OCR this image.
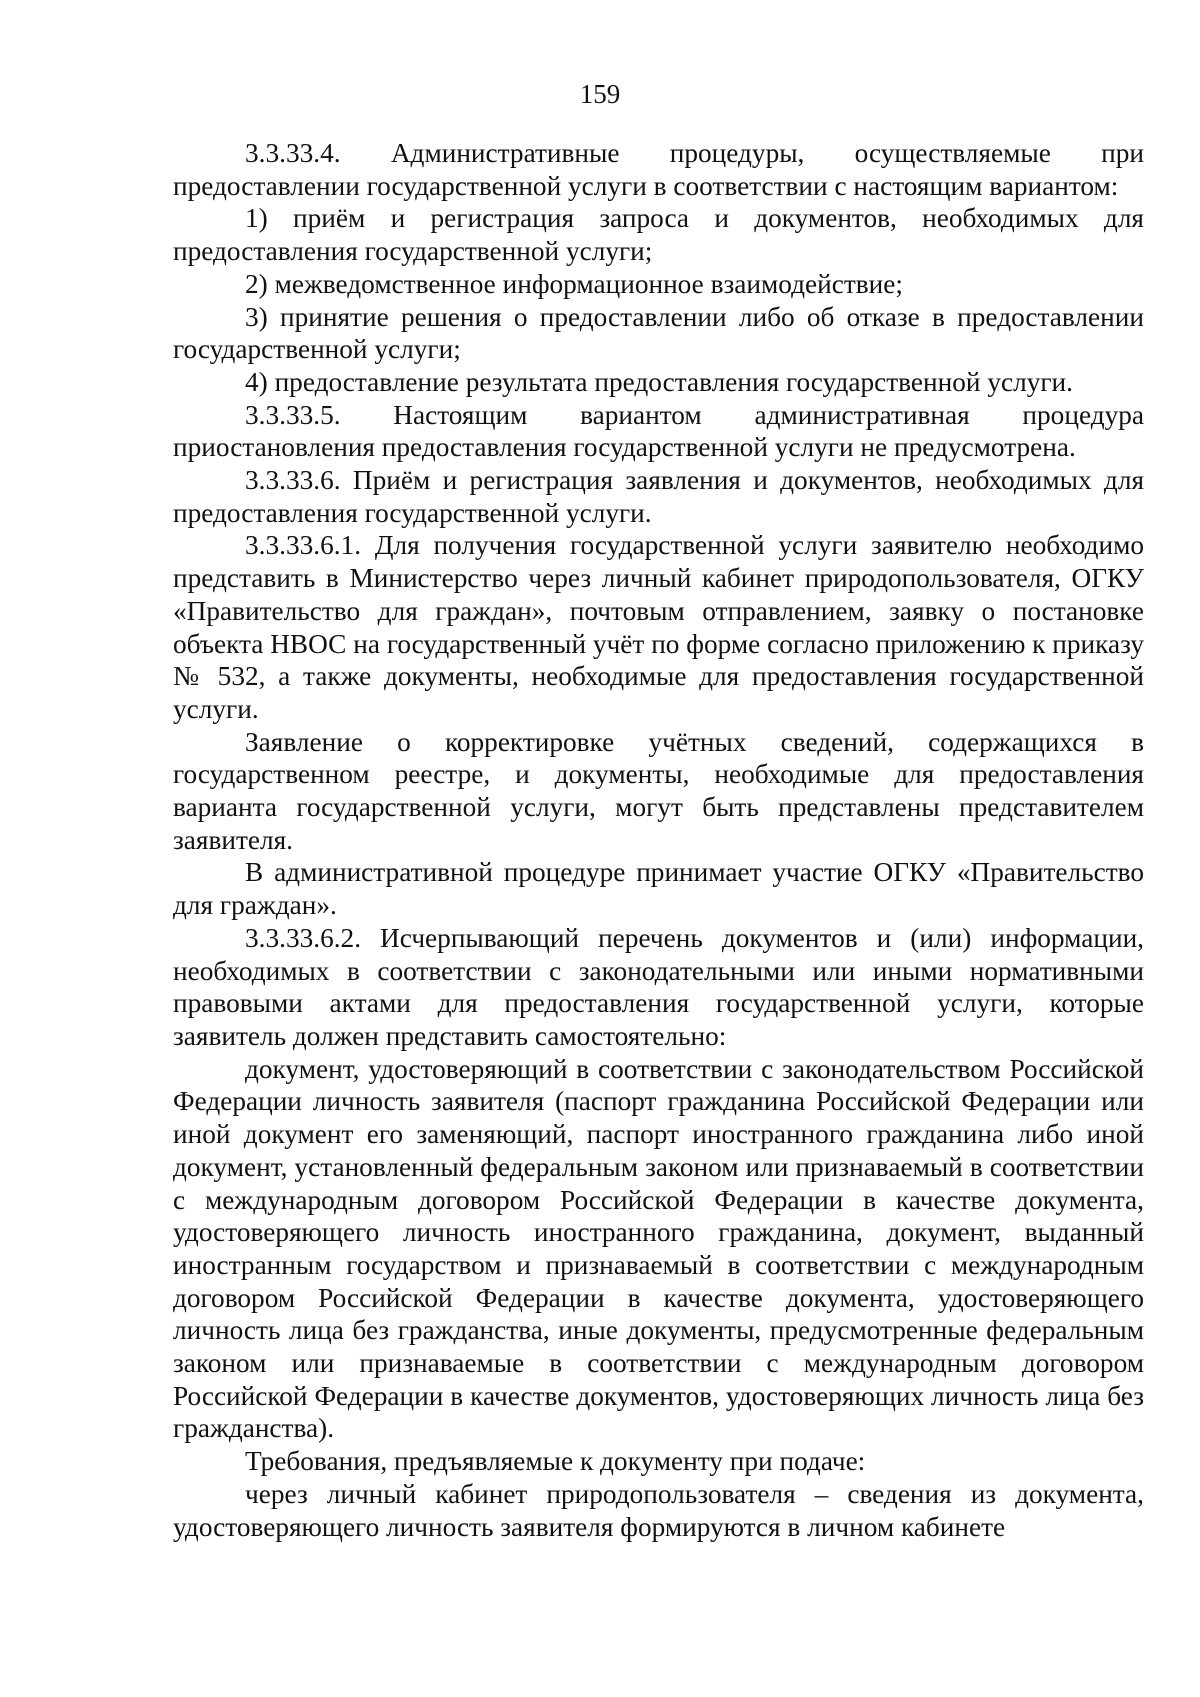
159

3.3.33.4. Административные процедуры, осуществляемые при предоставлении государственной услуги в соответствии с настоящим вариантом:

1) приём и регистрация запроса и документов, необходимых для предоставления государственной услуги;

2) межведомственное информационное взаимодействие;

3) принятие решения о предоставлении либо об отказе в предоставлении государственной услуги;

4) предоставление результата предоставления государственной услуги.

3.3.33.5. Настоящим вариантом административная процедура приостановления предоставления государственной услуги не предусмотрена.

3.3.33.6. Приём и регистрация заявления и документов, необходимых для предоставления государственной услуги.

3.3.33.6.1. Для получения государственной услуги заявителю необходимо представить в Министерство через личный кабинет природопользователя, ОГКУ «Правительство для граждан», почтовым отправлением, заявку о постановке объекта НВОС на государственный учёт по форме согласно приложению к приказу № 532, а также документы, необходимые для предоставления государственной услуги.

Заявление о корректировке учётных сведений, содержащихся в государственном реестре, и документы, необходимые для предоставления варианта государственной услуги, могут быть представлены представителем заявителя.

В административной процедуре принимает участие ОГКУ «Правительство для граждан».

3.3.33.6.2. Исчерпывающий перечень документов и (или) информации, необходимых в соответствии с законодательными или иными нормативными правовыми актами для предоставления государственной услуги, которые заявитель должен представить самостоятельно:

документ, удостоверяющий в соответствии с законодательством Российской Федерации личность заявителя (паспорт гражданина Российской Федерации или иной документ его заменяющий, паспорт иностранного гражданина либо иной документ, установленный федеральным законом или признаваемый в соответствии с международным договором Российской Федерации в качестве документа, удостоверяющего личность иностранного гражданина, документ, выданный иностранным государством и признаваемый в соответствии с международным договором Российской Федерации в качестве документа, удостоверяющего личность лица без гражданства, иные документы, предусмотренные федеральным законом или признаваемые в соответствии с международным договором Российской Федерации в качестве документов, удостоверяющих личность лица без гражданства).

Требования, предъявляемые к документу при подаче:

через личный кабинет природопользователя – сведения из документа, удостоверяющего личность заявителя формируются в личном кабинете
